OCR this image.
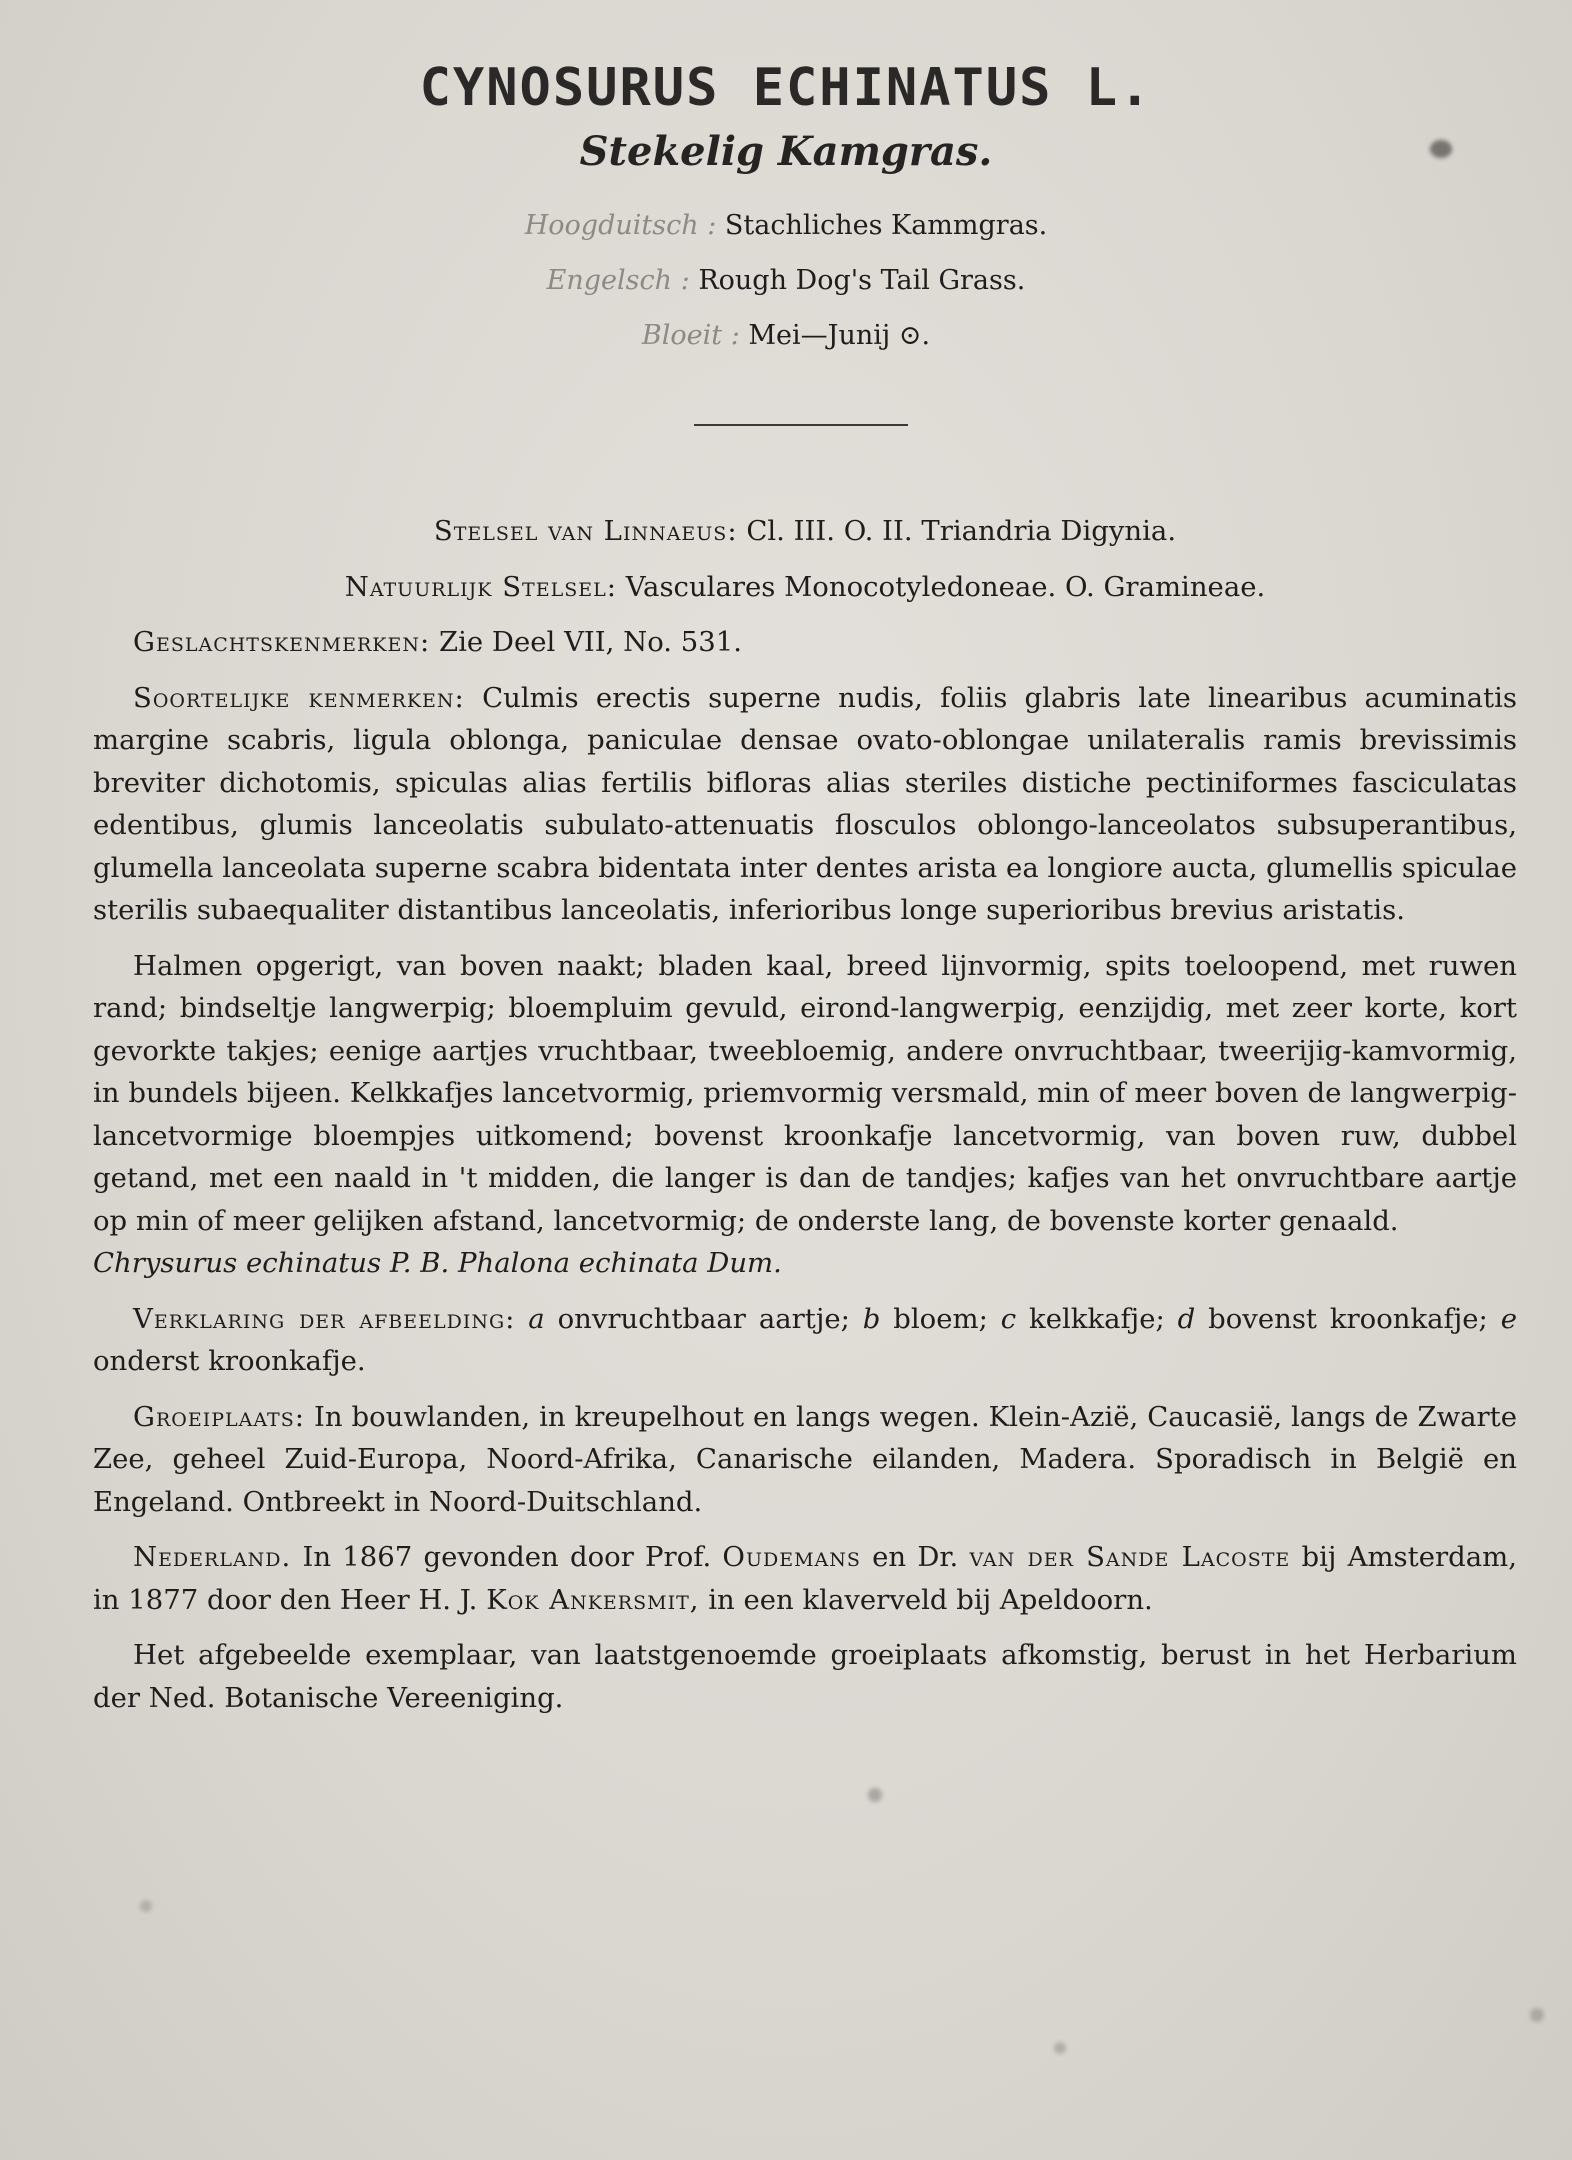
CYNOSURUS ECHINATUS L.
Stekelig Kamgras.
Hoogduitsch : Stachliches Kammgras.
Engelsch : Rough Dog's Tail Grass.
Bloeit : Mei—Junij ⊙.

Stelsel van Linnaeus: Cl. III. O. II. Triandria Digynia.

Natuurlijk Stelsel: Vasculares Monocotyledoneae. O. Gramineae.

Geslachtskenmerken: Zie Deel VII, No. 531.

Soortelijke kenmerken: Culmis erectis superne nudis, foliis glabris late linearibus acuminatis margine scabris, ligula oblonga, paniculae densae ovato-oblongae unilateralis ramis brevissimis breviter dichotomis, spiculas alias fertilis bifloras alias steriles distiche pectiniformes fasciculatas edentibus, glumis lanceolatis subulato-attenuatis flosculos oblongo-lanceolatos subsuperantibus, glumella lanceolata superne scabra bidentata inter dentes arista ea longiore aucta, glumellis spiculae sterilis subaequaliter distantibus lanceolatis, inferioribus longe superioribus brevius aristatis.

Halmen opgerigt, van boven naakt; bladen kaal, breed lijnvormig, spits toeloopend, met ruwen rand; bindseltje langwerpig; bloempluim gevuld, eirond-langwerpig, eenzijdig, met zeer korte, kort gevorkte takjes; eenige aartjes vruchtbaar, tweebloemig, andere onvruchtbaar, tweerijig-kamvormig, in bundels bijeen. Kelkkafjes lancetvormig, priemvormig versmald, min of meer boven de langwerpig-lancetvormige bloempjes uitkomend; bovenst kroonkafje lancetvormig, van boven ruw, dubbel getand, met een naald in 't midden, die langer is dan de tandjes; kafjes van het onvruchtbare aartje op min of meer gelijken afstand, lancetvormig; de onderste lang, de bovenste korter genaald.
Chrysurus echinatus P. B. Phalona echinata Dum.

Verklaring der afbeelding: a onvruchtbaar aartje; b bloem; c kelkkafje; d bovenst kroonkafje; e onderst kroonkafje.

Groeiplaats: In bouwlanden, in kreupelhout en langs wegen. Klein-Azië, Caucasië, langs de Zwarte Zee, geheel Zuid-Europa, Noord-Afrika, Canarische eilanden, Madera. Sporadisch in België en Engeland. Ontbreekt in Noord-Duitschland.

Nederland. In 1867 gevonden door Prof. Oudemans en Dr. van der Sande Lacoste bij Amsterdam, in 1877 door den Heer H. J. Kok Ankersmit, in een klaverveld bij Apeldoorn.

Het afgebeelde exemplaar, van laatstgenoemde groeiplaats afkomstig, berust in het Herbarium der Ned. Botanische Vereeniging.
